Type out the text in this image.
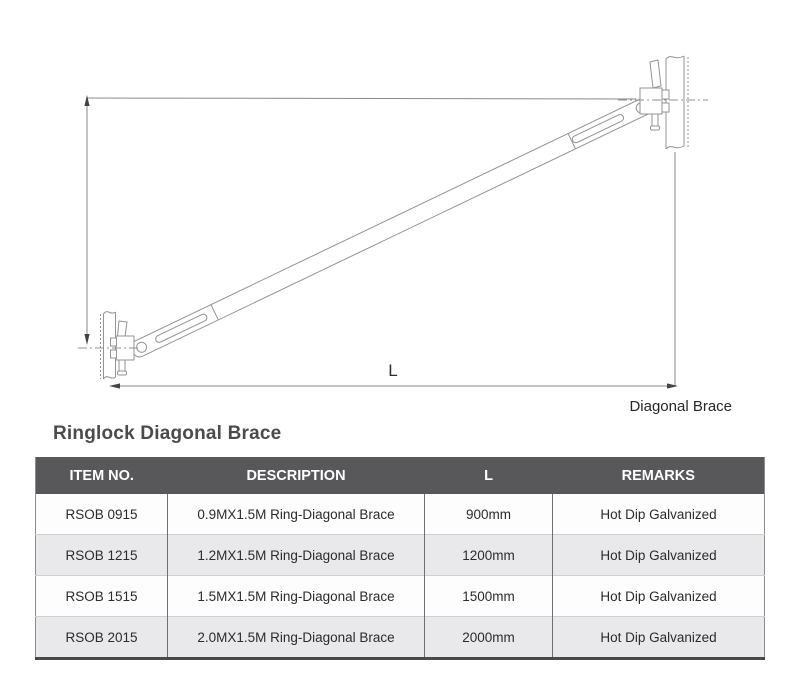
L
Diagonal Brace
Ringlock Diagonal Brace
ITEM NO.	DESCRIPTION	L	REMARKS
RSOB 0915	0.9MX1.5M Ring-Diagonal Brace	900mm	Hot Dip Galvanized
RSOB 1215	1.2MX1.5M Ring-Diagonal Brace	1200mm	Hot Dip Galvanized
RSOB 1515	1.5MX1.5M Ring-Diagonal Brace	1500mm	Hot Dip Galvanized
RSOB 2015	2.0MX1.5M Ring-Diagonal Brace	2000mm	Hot Dip Galvanized
